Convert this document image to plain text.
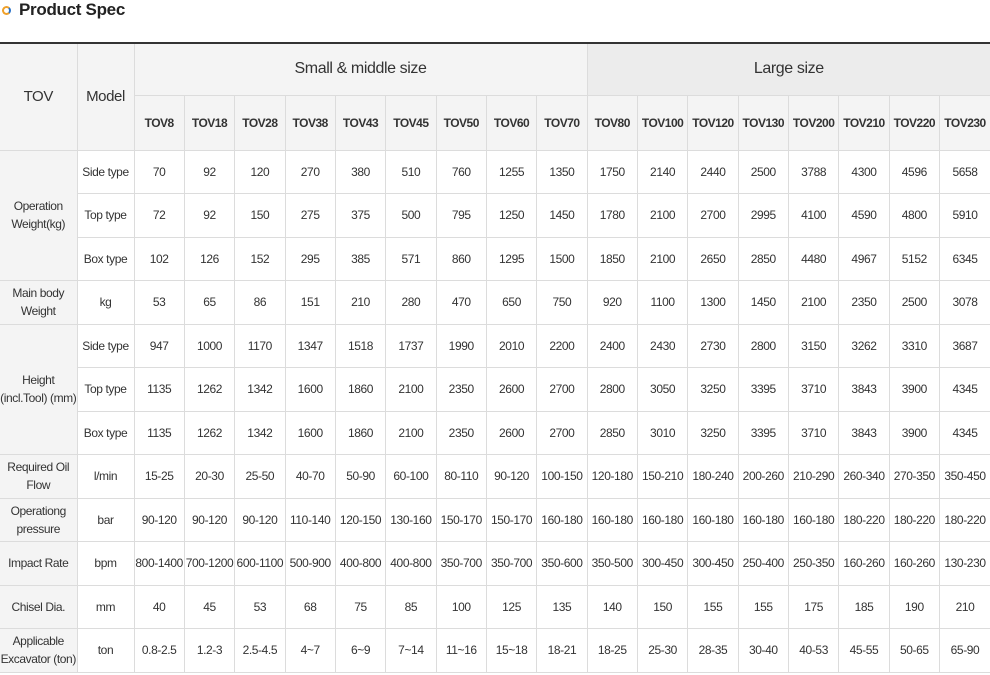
Product Spec
TOV	Model	Small & middle size									Large size							
		TOV8	TOV18	TOV28	TOV38	TOV43	TOV45	TOV50	TOV60	TOV70	TOV80	TOV100	TOV120	TOV130	TOV200	TOV210	TOV220	TOV230
Operation Weight(kg)	Side type	70	92	120	270	380	510	760	1255	1350	1750	2140	2440	2500	3788	4300	4596	5658
	Top type	72	92	150	275	375	500	795	1250	1450	1780	2100	2700	2995	4100	4590	4800	5910
	Box type	102	126	152	295	385	571	860	1295	1500	1850	2100	2650	2850	4480	4967	5152	6345
Main body Weight	kg	53	65	86	151	210	280	470	650	750	920	1100	1300	1450	2100	2350	2500	3078
Height (incl.Tool) (mm)	Side type	947	1000	1170	1347	1518	1737	1990	2010	2200	2400	2430	2730	2800	3150	3262	3310	3687
	Top type	1135	1262	1342	1600	1860	2100	2350	2600	2700	2800	3050	3250	3395	3710	3843	3900	4345
	Box type	1135	1262	1342	1600	1860	2100	2350	2600	2700	2850	3010	3250	3395	3710	3843	3900	4345
Required Oil Flow	l/min	15-25	20-30	25-50	40-70	50-90	60-100	80-110	90-120	100-150	120-180	150-210	180-240	200-260	210-290	260-340	270-350	350-450
Operationg pressure	bar	90-120	90-120	90-120	110-140	120-150	130-160	150-170	150-170	160-180	160-180	160-180	160-180	160-180	160-180	180-220	180-220	180-220
Impact Rate	bpm	800-1400	700-1200	600-1100	500-900	400-800	400-800	350-700	350-700	350-600	350-500	300-450	300-450	250-400	250-350	160-260	160-260	130-230
Chisel Dia.	mm	40	45	53	68	75	85	100	125	135	140	150	155	155	175	185	190	210
Applicable Excavator (ton)	ton	0.8-2.5	1.2-3	2.5-4.5	4~7	6~9	7~14	11~16	15~18	18-21	18-25	25-30	28-35	30-40	40-53	45-55	50-65	65-90
